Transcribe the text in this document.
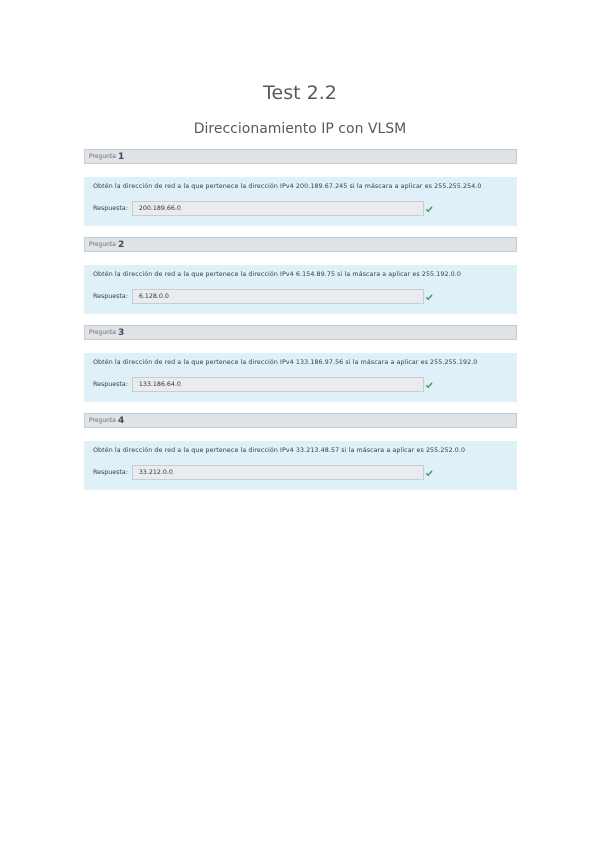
Test 2.2
Direccionamiento IP con VLSM
Pregunta 1
Obtén la dirección de red a la que pertenece la dirección IPv4 200.189.67.245 si la máscara a aplicar es 255.255.254.0
Respuesta:	200.189.66.0
Pregunta 2
Obtén la dirección de red a la que pertenece la dirección IPv4 6.154.89.75 si la máscara a aplicar es 255.192.0.0
Respuesta:	6.128.0.0
Pregunta 3
Obtén la dirección de red a la que pertenece la dirección IPv4 133.186.97.56 si la máscara a aplicar es 255.255.192.0
Respuesta:	133.186.64.0
Pregunta 4
Obtén la dirección de red a la que pertenece la dirección IPv4 33.213.48.57 si la máscara a aplicar es 255.252.0.0
Respuesta:	33.212.0.0
